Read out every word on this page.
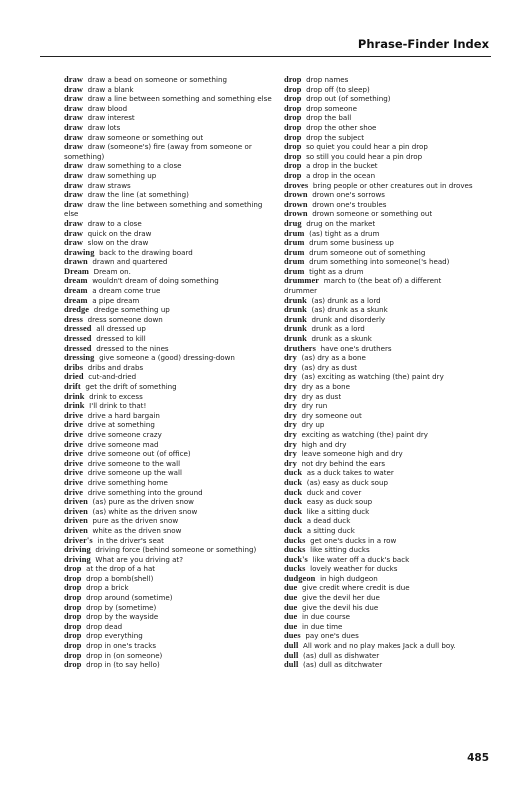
Phrase-Finder Index
draw draw a bead on someone or something
draw draw a blank
draw draw a line between something and something else
draw draw blood
draw draw interest
draw draw lots
draw draw someone or something out
draw draw (someone's) fire (away from someone or
something)
draw draw something to a close
draw draw something up
draw draw straws
draw draw the line (at something)
draw draw the line between something and something
else
draw draw to a close
draw quick on the draw
draw slow on the draw
drawing back to the drawing board
drawn drawn and quartered
Dream Dream on.
dream wouldn't dream of doing something
dream a dream come true
dream a pipe dream
dredge dredge something up
dress dress someone down
dressed all dressed up
dressed dressed to kill
dressed dressed to the nines
dressing give someone a (good) dressing-down
dribs dribs and drabs
dried cut-and-dried
drift get the drift of something
drink drink to excess
drink I'll drink to that!
drive drive a hard bargain
drive drive at something
drive drive someone crazy
drive drive someone mad
drive drive someone out (of office)
drive drive someone to the wall
drive drive someone up the wall
drive drive something home
drive drive something into the ground
driven (as) pure as the driven snow
driven (as) white as the driven snow
driven pure as the driven snow
driven white as the driven snow
driver's in the driver's seat
driving driving force (behind someone or something)
driving What are you driving at?
drop at the drop of a hat
drop drop a bomb(shell)
drop drop a brick
drop drop around (sometime)
drop drop by (sometime)
drop drop by the wayside
drop drop dead
drop drop everything
drop drop in one's tracks
drop drop in (on someone)
drop drop in (to say hello)
drop drop names
drop drop off (to sleep)
drop drop out (of something)
drop drop someone
drop drop the ball
drop drop the other shoe
drop drop the subject
drop so quiet you could hear a pin drop
drop so still you could hear a pin drop
drop a drop in the bucket
drop a drop in the ocean
droves bring people or other creatures out in droves
drown drown one's sorrows
drown drown one's troubles
drown drown someone or something out
drug drug on the market
drum (as) tight as a drum
drum drum some business up
drum drum someone out of something
drum drum something into someone('s head)
drum tight as a drum
drummer march to (the beat of) a different
drummer
drunk (as) drunk as a lord
drunk (as) drunk as a skunk
drunk drunk and disorderly
drunk drunk as a lord
drunk drunk as a skunk
druthers have one's druthers
dry (as) dry as a bone
dry (as) dry as dust
dry (as) exciting as watching (the) paint dry
dry dry as a bone
dry dry as dust
dry dry run
dry dry someone out
dry dry up
dry exciting as watching (the) paint dry
dry high and dry
dry leave someone high and dry
dry not dry behind the ears
duck as a duck takes to water
duck (as) easy as duck soup
duck duck and cover
duck easy as duck soup
duck like a sitting duck
duck a dead duck
duck a sitting duck
ducks get one's ducks in a row
ducks like sitting ducks
duck's like water off a duck's back
ducks lovely weather for ducks
dudgeon in high dudgeon
due give credit where credit is due
due give the devil her due
due give the devil his due
due in due course
due in due time
dues pay one's dues
dull All work and no play makes Jack a dull boy.
dull (as) dull as dishwater
dull (as) dull as ditchwater
485
